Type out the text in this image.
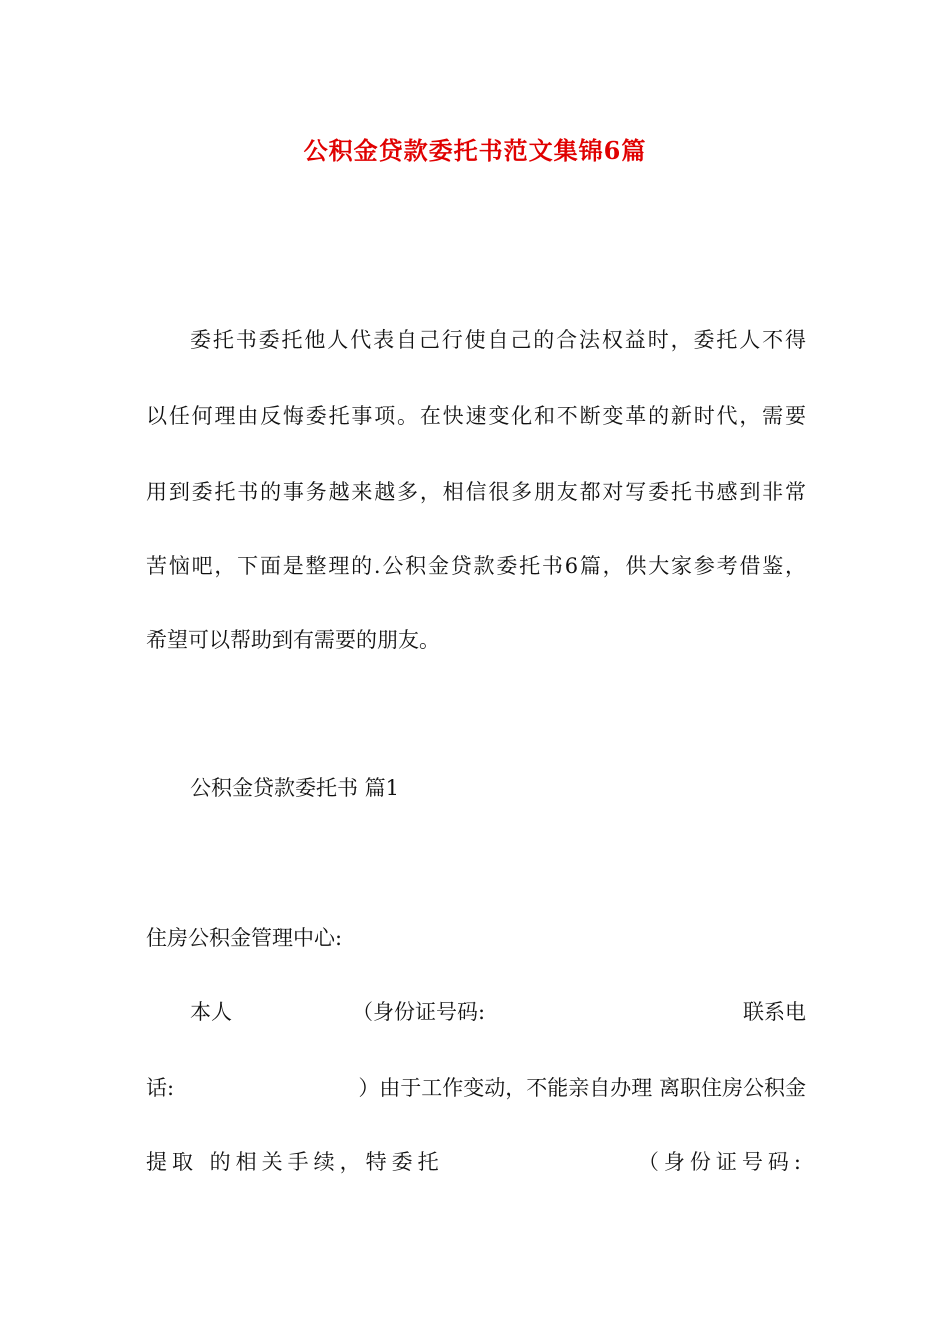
公积金贷款委托书范文集锦6篇
委托书委托他人代表自己行使自己的合法权益时，委托人不得
以任何理由反悔委托事项。在快速变化和不断变革的新时代，需要
用到委托书的事务越来越多，相信很多朋友都对写委托书感到非常
苦恼吧，下面是整理的.公积金贷款委托书6篇，供大家参考借鉴，
希望可以帮助到有需要的朋友。
公积金贷款委托书 篇1
住房公积金管理中心:
本人	（身份证号码:	联系电
话:	）由于工作变动，不能亲自办理 离职住房公积金
提取 的相关手续，特委托	（身份证号码:
